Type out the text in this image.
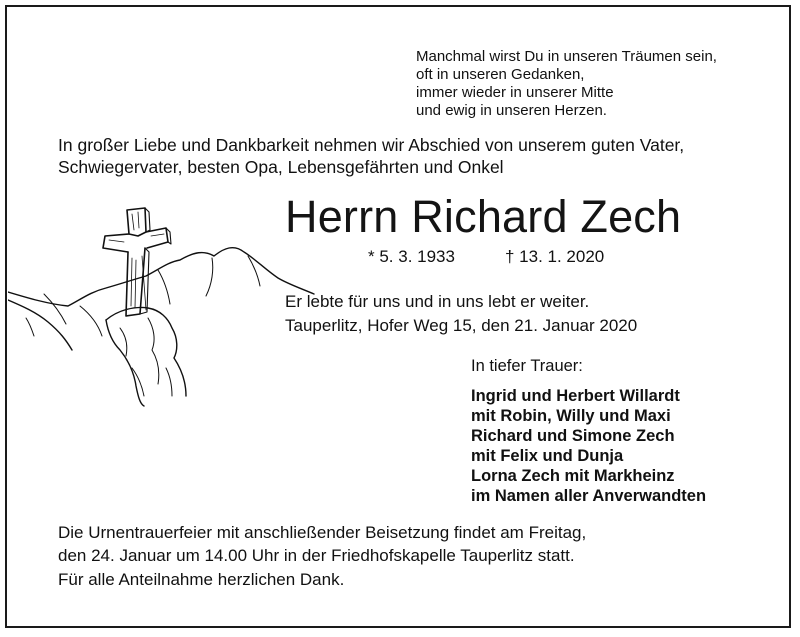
Manchmal wirst Du in unseren Träumen sein,
oft in unseren Gedanken,
immer wieder in unserer Mitte
und ewig in unseren Herzen.
In großer Liebe und Dankbarkeit nehmen wir Abschied von unserem guten Vater,
Schwiegervater, besten Opa, Lebensgefährten und Onkel
Herrn Richard Zech
* 5. 3. 1933	† 13. 1. 2020
Er lebte für uns und in uns lebt er weiter.
Tauperlitz, Hofer Weg 15, den 21. Januar 2020
In tiefer Trauer:
Ingrid und Herbert Willardt
mit Robin, Willy und Maxi
Richard und Simone Zech
mit Felix und Dunja
Lorna Zech mit Markheinz
im Namen aller Anverwandten
Die Urnentrauerfeier mit anschließender Beisetzung findet am Freitag,
den 24. Januar um 14.00 Uhr in der Friedhofskapelle Tauperlitz statt.
Für alle Anteilnahme herzlichen Dank.
